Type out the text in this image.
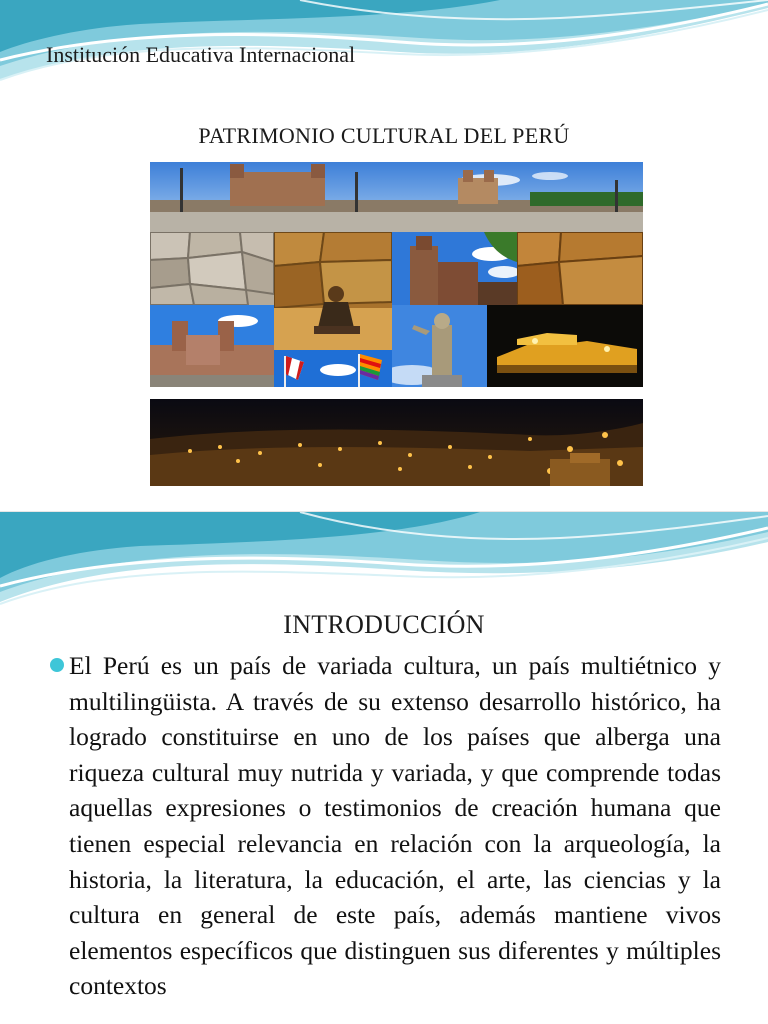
Institución Educativa Internacional
PATRIMONIO CULTURAL DEL PERÚ
INTRODUCCIÓN
El Perú es un país de variada cultura, un país multiétnico y multilingüista. A través de su extenso desarrollo histórico, ha logrado constituirse en uno de los países que alberga una riqueza cultural muy nutrida y variada, y que comprende todas aquellas expresiones o testimonios de creación humana que tienen especial relevancia en relación con la arqueología, la historia, la literatura, la educación, el arte, las ciencias y la cultura en general de este país, además mantiene vivos elementos específicos que distinguen sus diferentes y múltiples contextos
